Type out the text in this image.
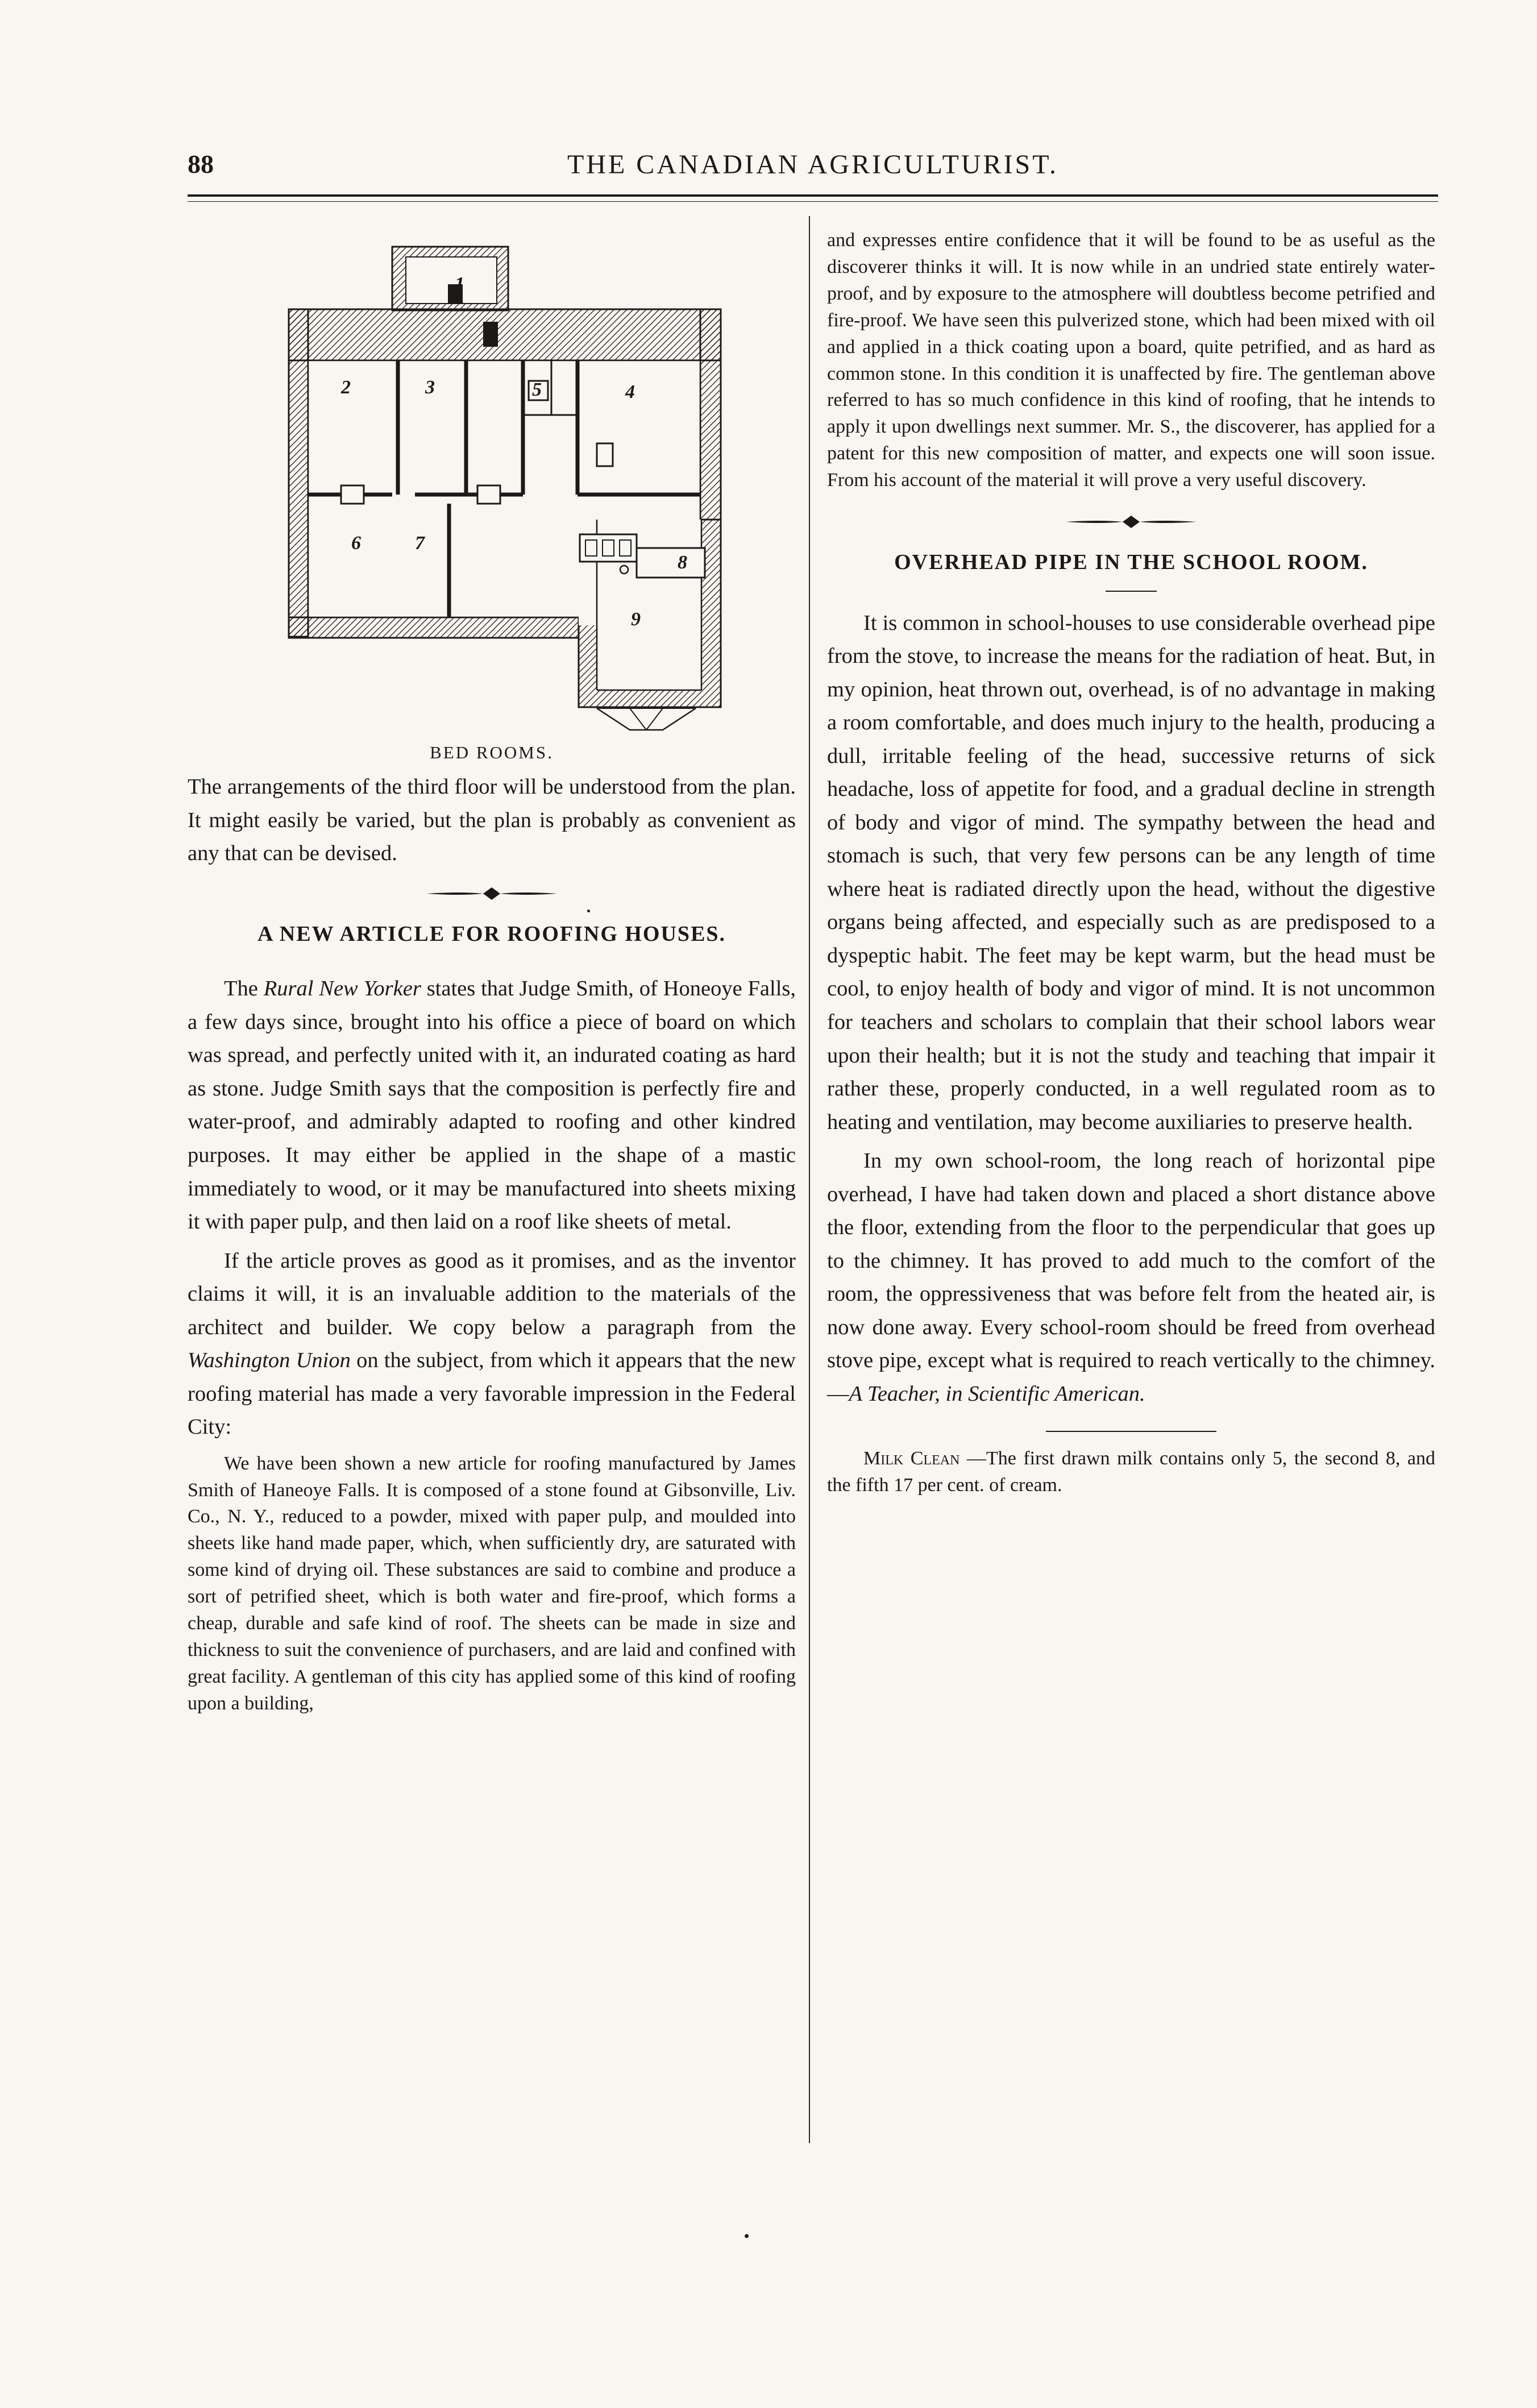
88	THE CANADIAN AGRICULTURIST.
1
2	3	5	4
6	7
8
9
BED ROOMS.

The arrangements of the third floor will be understood from the plan. It might easily be varied, but the plan is probably as convenient as any that can be devised.

A NEW ARTICLE FOR ROOFING HOUSES.

The Rural New Yorker states that Judge Smith, of Honeoye Falls, a few days since, brought into his office a piece of board on which was spread, and perfectly united with it, an indurated coating as hard as stone. Judge Smith says that the composition is perfectly fire and water-proof, and admirably adapted to roofing and other kindred purposes. It may either be applied in the shape of a mastic immediately to wood, or it may be manufactured into sheets mixing it with paper pulp, and then laid on a roof like sheets of metal.

If the article proves as good as it promises, and as the inventor claims it will, it is an invaluable addition to the materials of the architect and builder. We copy below a paragraph from the Washington Union on the subject, from which it appears that the new roofing material has made a very favorable impression in the Federal City:

We have been shown a new article for roofing manufactured by James Smith of Haneoye Falls. It is composed of a stone found at Gibsonville, Liv. Co., N. Y., reduced to a powder, mixed with paper pulp, and moulded into sheets like hand made paper, which, when sufficiently dry, are saturated with some kind of drying oil. These substances are said to combine and produce a sort of petrified sheet, which is both water and fire-proof, which forms a cheap, durable and safe kind of roof. The sheets can be made in size and thickness to suit the convenience of purchasers, and are laid and confined with great facility. A gentleman of this city has applied some of this kind of roofing upon a building,

and expresses entire confidence that it will be found to be as useful as the discoverer thinks it will. It is now while in an undried state entirely water-proof, and by exposure to the atmosphere will doubtless become petrified and fire-proof. We have seen this pulverized stone, which had been mixed with oil and applied in a thick coating upon a board, quite petrified, and as hard as common stone. In this condition it is unaffected by fire. The gentleman above referred to has so much confidence in this kind of roofing, that he intends to apply it upon dwellings next summer. Mr. S., the discoverer, has applied for a patent for this new composition of matter, and expects one will soon issue. From his account of the material it will prove a very useful discovery.

OVERHEAD PIPE IN THE SCHOOL ROOM.

It is common in school-houses to use considerable overhead pipe from the stove, to increase the means for the radiation of heat. But, in my opinion, heat thrown out, overhead, is of no advantage in making a room comfortable, and does much injury to the health, producing a dull, irritable feeling of the head, successive returns of sick headache, loss of appetite for food, and a gradual decline in strength of body and vigor of mind. The sympathy between the head and stomach is such, that very few persons can be any length of time where heat is radiated directly upon the head, without the digestive organs being affected, and especially such as are predisposed to a dyspeptic habit. The feet may be kept warm, but the head must be cool, to enjoy health of body and vigor of mind. It is not uncommon for teachers and scholars to complain that their school labors wear upon their health; but it is not the study and teaching that impair it rather these, properly conducted, in a well regulated room as to heating and ventilation, may become auxiliaries to preserve health.

In my own school-room, the long reach of horizontal pipe overhead, I have had taken down and placed a short distance above the floor, extending from the floor to the perpendicular that goes up to the chimney. It has proved to add much to the comfort of the room, the oppressiveness that was before felt from the heated air, is now done away. Every school-room should be freed from overhead stove pipe, except what is required to reach vertically to the chimney.—A Teacher, in Scientific American.

Milk Clean —The first drawn milk contains only 5, the second 8, and the fifth 17 per cent. of cream.
